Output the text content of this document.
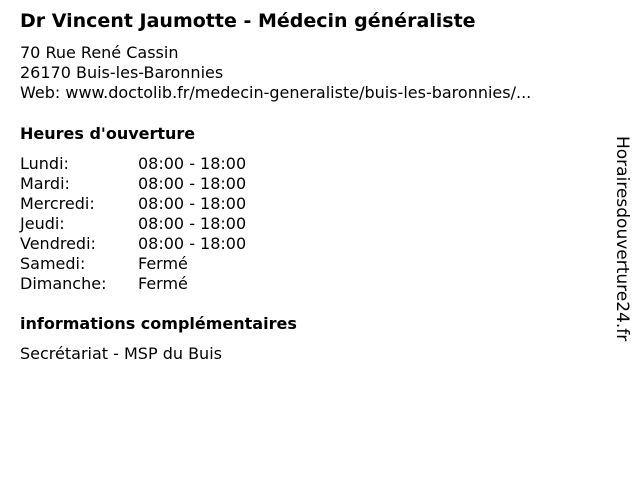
Dr Vincent Jaumotte - Médecin généraliste
70 Rue René Cassin
26170 Buis-les-Baronnies
Web: www.doctolib.fr/medecin-generaliste/buis-les-baronnies/...
Heures d'ouverture
Lundi:	08:00 - 18:00
Mardi:	08:00 - 18:00
Mercredi:	08:00 - 18:00
Jeudi:	08:00 - 18:00
Vendredi:	08:00 - 18:00
Samedi:	Fermé
Dimanche: Fermé
informations complémentaires
Secrétariat - MSP du Buis
Horairesdouverture24.fr
